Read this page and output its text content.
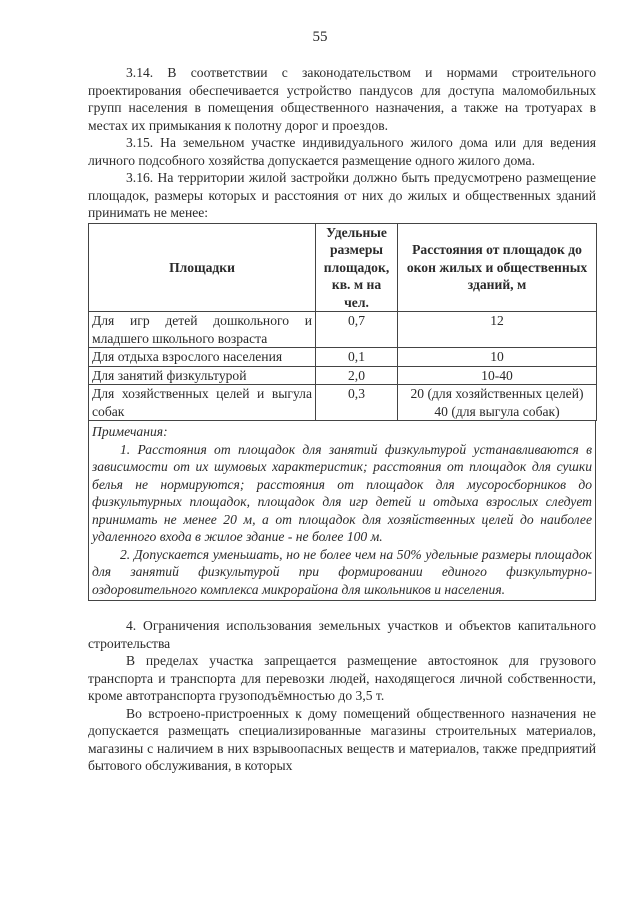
55

3.14. В соответствии с законодательством и нормами строительного проектирования обеспечивается устройство пандусов для доступа маломобильных групп населения в помещения общественного назначения, а также на тротуарах в местах их примыкания к полотну дорог и проездов.

3.15. На земельном участке индивидуального жилого дома или для ведения личного подсобного хозяйства допускается размещение одного жилого дома.

3.16. На территории жилой застройки должно быть предусмотрено размещение площадок, размеры которых и расстояния от них до жилых и общественных зданий принимать не менее:

Площадки	Удельные размеры площадок, кв. м на чел.	Расстояния от площадок до окон жилых и общественных зданий, м
Для игр детей дошкольного и младшего школьного возраста	0,7	12
Для отдыха взрослого населения	0,1	10
Для занятий физкультурой	2,0	10-40
Для хозяйственных целей и выгула собак	0,3	20 (для хозяйственных целей)
40 (для выгула собак)

Примечания:

1. Расстояния от площадок для занятий физкультурой устанавливаются в зависимости от их шумовых характеристик; расстояния от площадок для сушки белья не нормируются; расстояния от площадок для мусоросборников до физкультурных площадок, площадок для игр детей и отдыха взрослых следует принимать не менее 20 м, а от площадок для хозяйственных целей до наиболее удаленного входа в жилое здание - не более 100 м.

2. Допускается уменьшать, но не более чем на 50% удельные размеры площадок для занятий физкультурой при формировании единого физкультурно-оздоровительного комплекса микрорайона для школьников и населения.

4. Ограничения использования земельных участков и объектов капитального строительства

В пределах участка запрещается размещение автостоянок для грузового транспорта и транспорта для перевозки людей, находящегося личной собственности, кроме автотранспорта грузоподъёмностью до 3,5 т.

Во встроено-пристроенных к дому помещений общественного назначения не допускается размещать специализированные магазины строительных материалов, магазины с наличием в них взрывоопасных веществ и материалов, также предприятий бытового обслуживания, в которых
